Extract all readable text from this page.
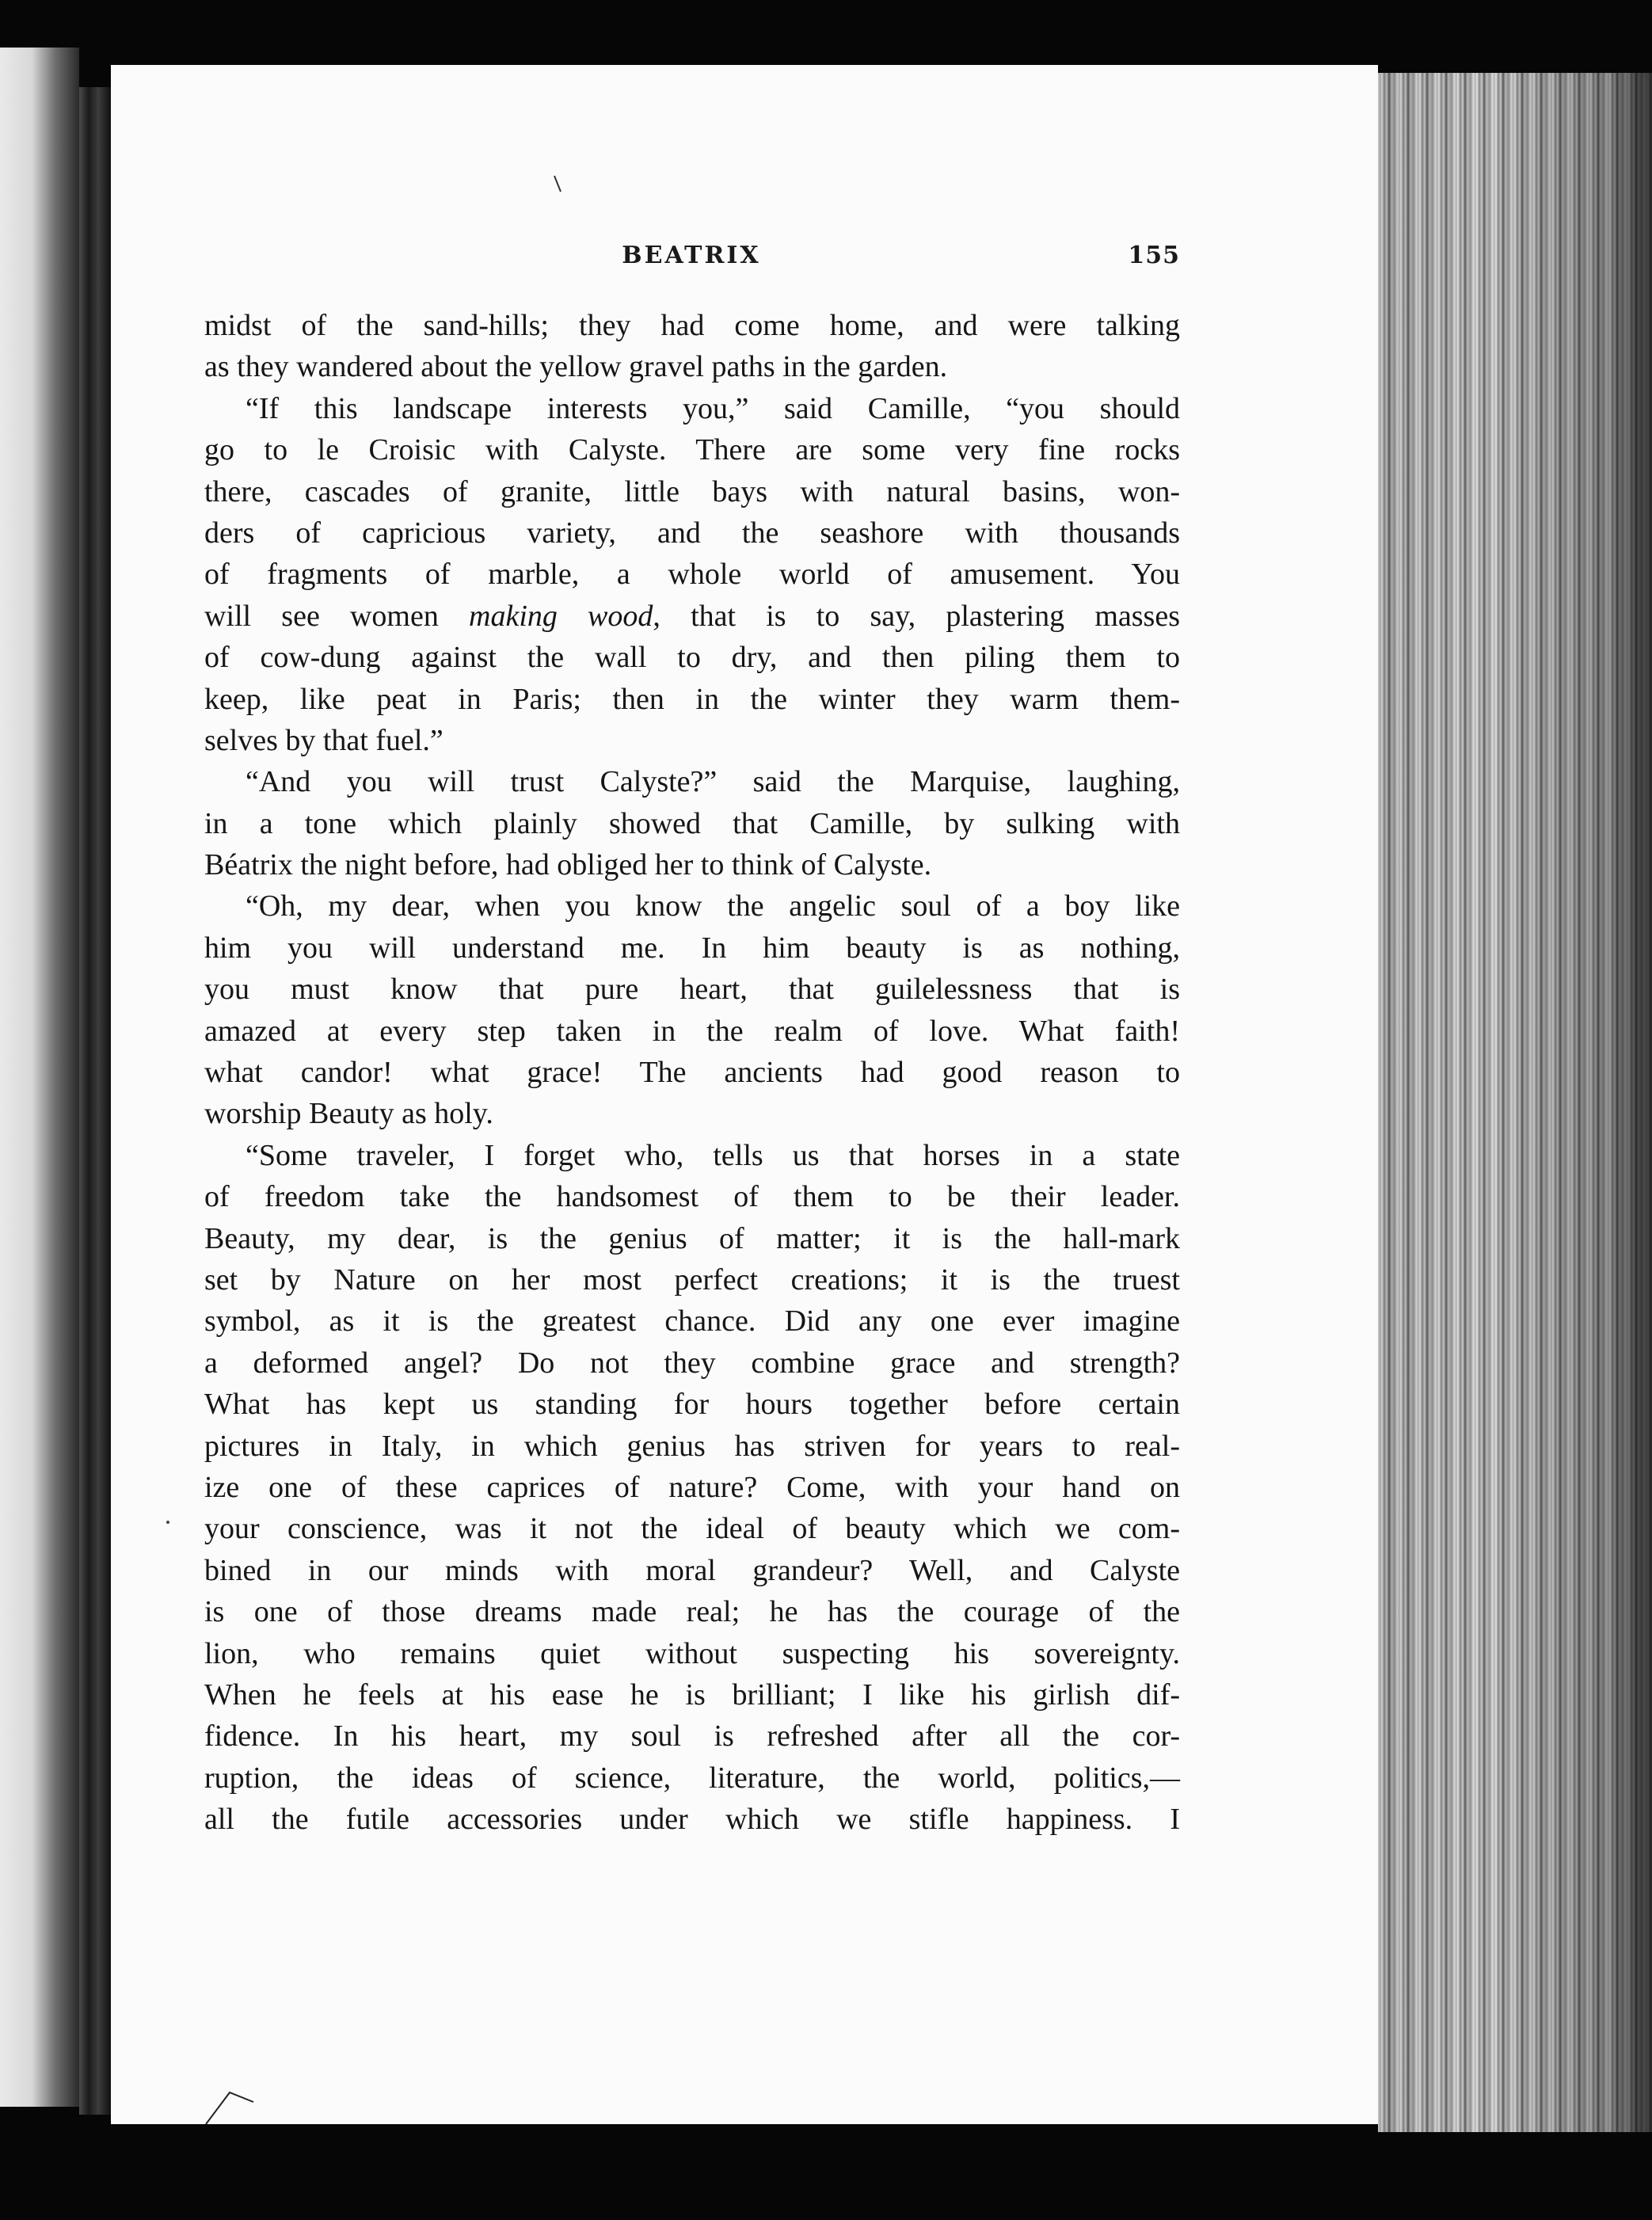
BEATRIX	155
midst of the sand-hills; they had come home, and were talking
as they wandered about the yellow gravel paths in the garden.
“If this landscape interests you,” said Camille, “you should
go to le Croisic with Calyste. There are some very fine rocks
there, cascades of granite, little bays with natural basins, won-
ders of capricious variety, and the seashore with thousands
of fragments of marble, a whole world of amusement. You
will see women making wood, that is to say, plastering masses
of cow-dung against the wall to dry, and then piling them to
keep, like peat in Paris; then in the winter they warm them-
selves by that fuel.”
“And you will trust Calyste?” said the Marquise, laughing,
in a tone which plainly showed that Camille, by sulking with
Béatrix the night before, had obliged her to think of Calyste.
“Oh, my dear, when you know the angelic soul of a boy like
him you will understand me. In him beauty is as nothing,
you must know that pure heart, that guilelessness that is
amazed at every step taken in the realm of love. What faith!
what candor! what grace! The ancients had good reason to
worship Beauty as holy.
“Some traveler, I forget who, tells us that horses in a state
of freedom take the handsomest of them to be their leader.
Beauty, my dear, is the genius of matter; it is the hall-mark
set by Nature on her most perfect creations; it is the truest
symbol, as it is the greatest chance. Did any one ever imagine
a deformed angel? Do not they combine grace and strength?
What has kept us standing for hours together before certain
pictures in Italy, in which genius has striven for years to real-
ize one of these caprices of nature? Come, with your hand on
your conscience, was it not the ideal of beauty which we com-
bined in our minds with moral grandeur? Well, and Calyste
is one of those dreams made real; he has the courage of the
lion, who remains quiet without suspecting his sovereignty.
When he feels at his ease he is brilliant; I like his girlish dif-
fidence. In his heart, my soul is refreshed after all the cor-
ruption, the ideas of science, literature, the world, politics,—
all the futile accessories under which we stifle happiness. I
